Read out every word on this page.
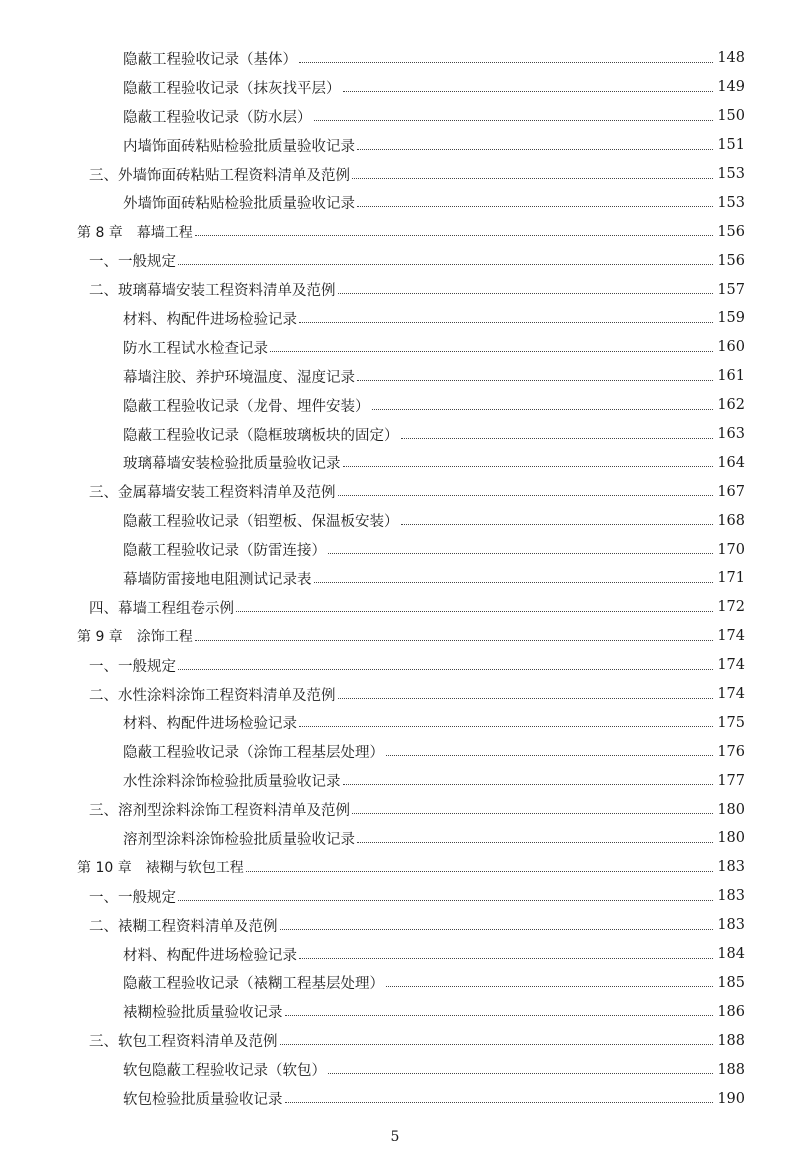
隐蔽工程验收记录（基体）	148
隐蔽工程验收记录（抹灰找平层）	149
隐蔽工程验收记录（防水层）	150
内墙饰面砖粘贴检验批质量验收记录	151
三、外墙饰面砖粘贴工程资料清单及范例	153
外墙饰面砖粘贴检验批质量验收记录	153
第 8 章　幕墙工程	156
一、一般规定	156
二、玻璃幕墙安装工程资料清单及范例	157
材料、构配件进场检验记录	159
防水工程试水检查记录	160
幕墙注胶、养护环境温度、湿度记录	161
隐蔽工程验收记录（龙骨、埋件安装）	162
隐蔽工程验收记录（隐框玻璃板块的固定）	163
玻璃幕墙安装检验批质量验收记录	164
三、金属幕墙安装工程资料清单及范例	167
隐蔽工程验收记录（铝塑板、保温板安装）	168
隐蔽工程验收记录（防雷连接）	170
幕墙防雷接地电阻测试记录表	171
四、幕墙工程组卷示例	172
第 9 章　涂饰工程	174
一、一般规定	174
二、水性涂料涂饰工程资料清单及范例	174
材料、构配件进场检验记录	175
隐蔽工程验收记录（涂饰工程基层处理）	176
水性涂料涂饰检验批质量验收记录	177
三、溶剂型涂料涂饰工程资料清单及范例	180
溶剂型涂料涂饰检验批质量验收记录	180
第 10 章　裱糊与软包工程	183
一、一般规定	183
二、裱糊工程资料清单及范例	183
材料、构配件进场检验记录	184
隐蔽工程验收记录（裱糊工程基层处理）	185
裱糊检验批质量验收记录	186
三、软包工程资料清单及范例	188
软包隐蔽工程验收记录（软包）	188
软包检验批质量验收记录	190
5
